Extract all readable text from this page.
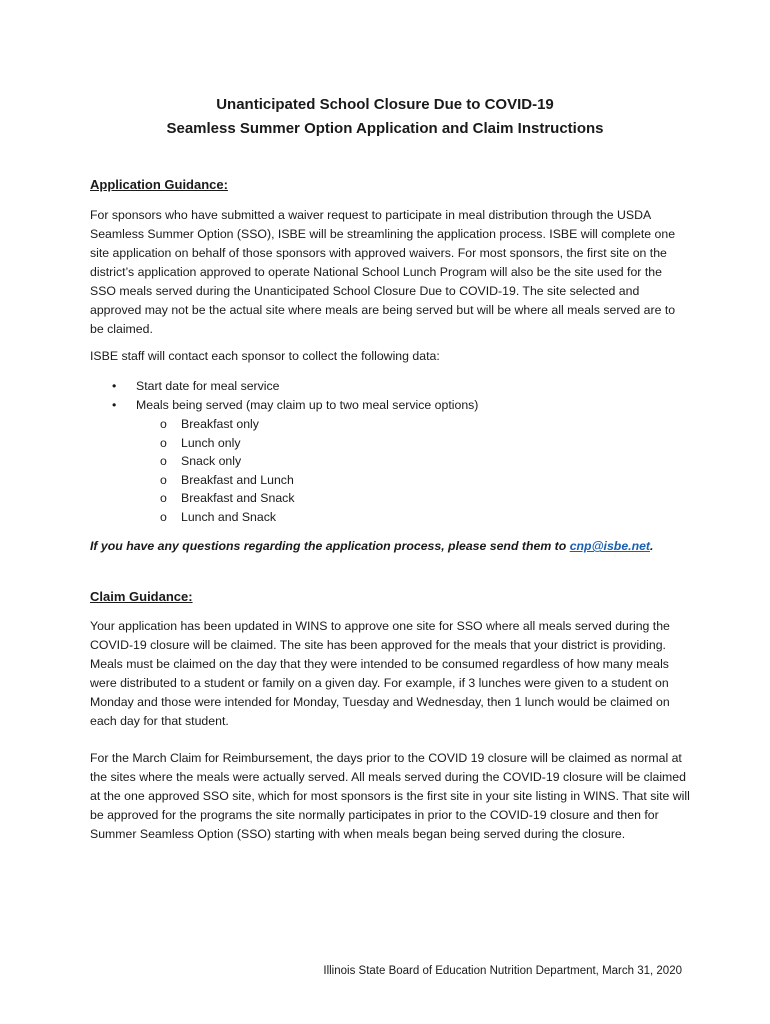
Unanticipated School Closure Due to COVID-19
Seamless Summer Option Application and Claim Instructions
Application Guidance:

For sponsors who have submitted a waiver request to participate in meal distribution through the USDA Seamless Summer Option (SSO), ISBE will be streamlining the application process. ISBE will complete one site application on behalf of those sponsors with approved waivers. For most sponsors, the first site on the district’s application approved to operate National School Lunch Program will also be the site used for the SSO meals served during the Unanticipated School Closure Due to COVID-19. The site selected and approved may not be the actual site where meals are being served but will be where all meals served are to be claimed.

ISBE staff will contact each sponsor to collect the following data:

• Start date for meal service
• Meals being served (may claim up to two meal service options)
o Breakfast only
o Lunch only
o Snack only
o Breakfast and Lunch
o Breakfast and Snack
o Lunch and Snack

If you have any questions regarding the application process, please send them to cnp@isbe.net.

Claim Guidance:

Your application has been updated in WINS to approve one site for SSO where all meals served during the COVID-19 closure will be claimed. The site has been approved for the meals that your district is providing. Meals must be claimed on the day that they were intended to be consumed regardless of how many meals were distributed to a student or family on a given day. For example, if 3 lunches were given to a student on Monday and those were intended for Monday, Tuesday and Wednesday, then 1 lunch would be claimed on each day for that student.

For the March Claim for Reimbursement, the days prior to the COVID 19 closure will be claimed as normal at the sites where the meals were actually served. All meals served during the COVID-19 closure will be claimed at the one approved SSO site, which for most sponsors is the first site in your site listing in WINS. That site will be approved for the programs the site normally participates in prior to the COVID-19 closure and then for Summer Seamless Option (SSO) starting with when meals began being served during the closure.

Illinois State Board of Education Nutrition Department, March 31, 2020
